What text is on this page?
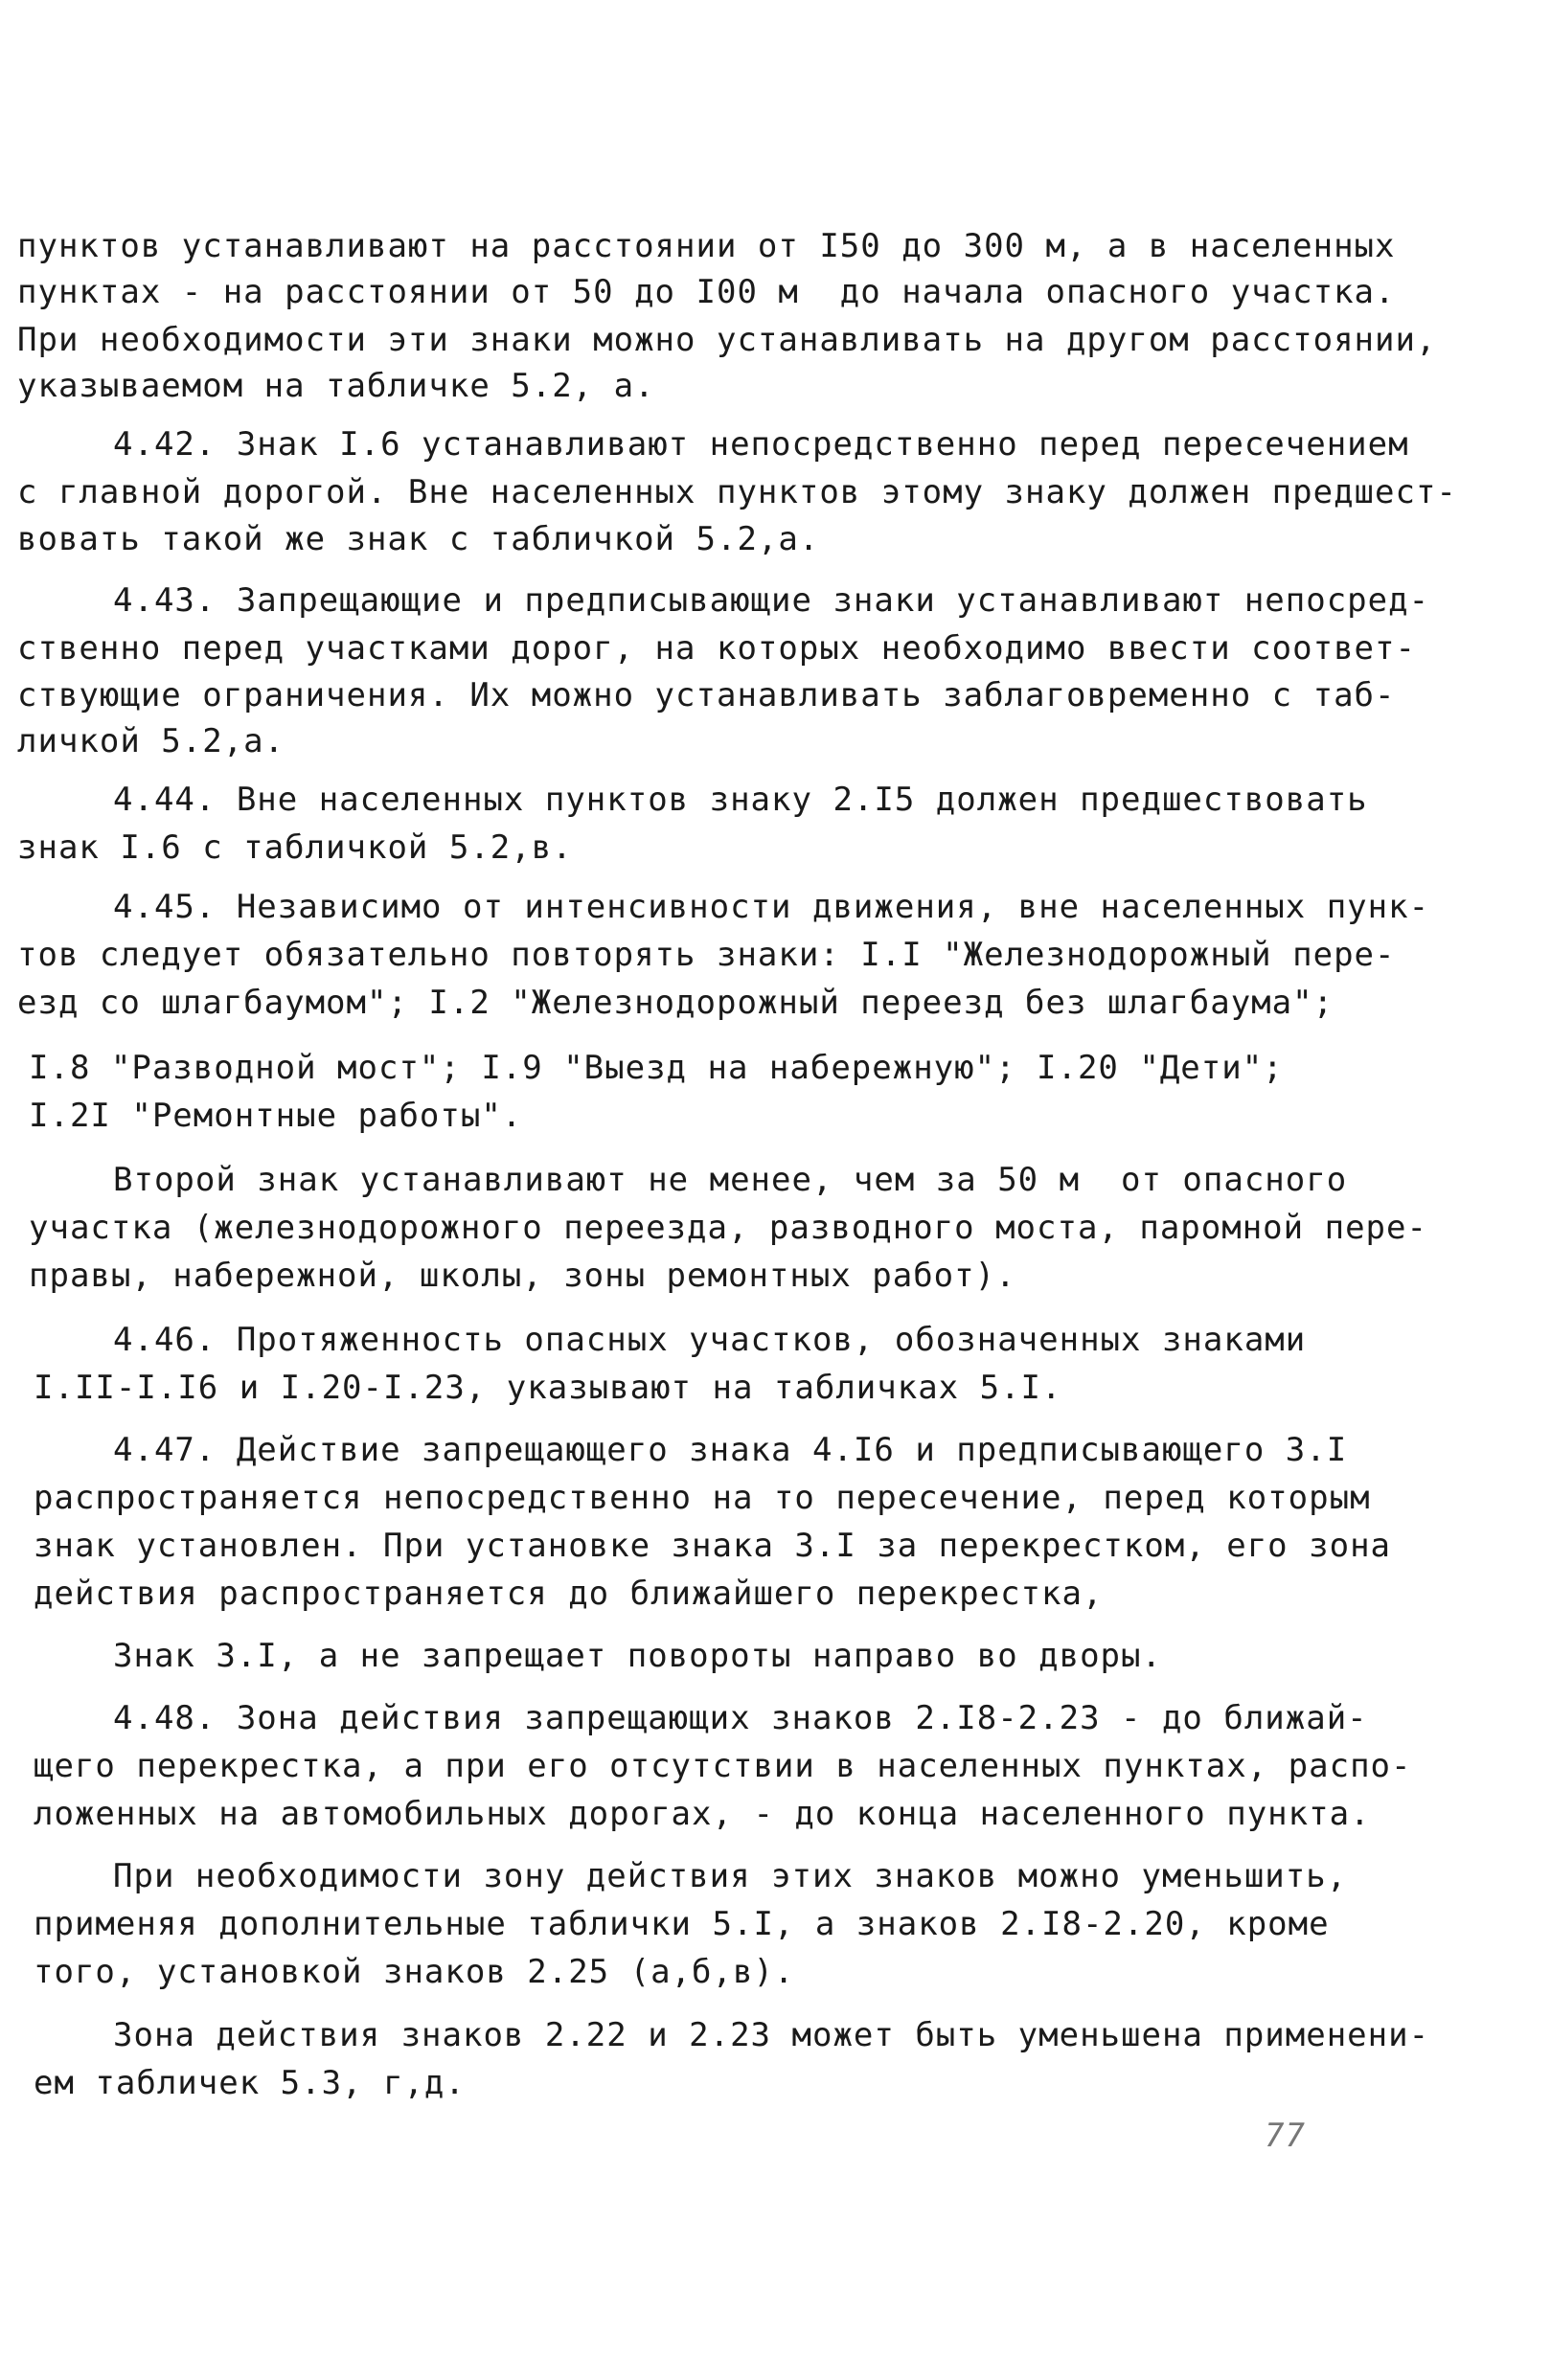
пунктов устанавливают на расстоянии от I50 до 300 м, а в населенных
пунктах - на расстоянии от 50 до I00 м  до начала опасного участка.
При необходимости эти знаки можно устанавливать на другом расстоянии,
указываемом на табличке 5.2, а.
4.42. Знак I.6 устанавливают непосредственно перед пересечением
с главной дорогой. Вне населенных пунктов этому знаку должен предшест-
вовать такой же знак с табличкой 5.2,а.
4.43. Запрещающие и предписывающие знаки устанавливают непосред-
ственно перед участками дорог, на которых необходимо ввести соответ-
ствующие ограничения. Их можно устанавливать заблаговременно с таб-
личкой 5.2,а.
4.44. Вне населенных пунктов знаку 2.I5 должен предшествовать
знак I.6 с табличкой 5.2,в.
4.45. Независимо от интенсивности движения, вне населенных пунк-
тов следует обязательно повторять знаки: I.I "Железнодорожный пере-
езд со шлагбаумом"; I.2 "Железнодорожный переезд без шлагбаума";
I.8 "Разводной мост"; I.9 "Выезд на набережную"; I.20 "Дети";
I.2I "Ремонтные работы".
Второй знак устанавливают не менее, чем за 50 м  от опасного
участка (железнодорожного переезда, разводного моста, паромной пере-
правы, набережной, школы, зоны ремонтных работ).
4.46. Протяженность опасных участков, обозначенных знаками
I.II-I.I6 и I.20-I.23, указывают на табличках 5.I.
4.47. Действие запрещающего знака 4.I6 и предписывающего 3.I
распространяется непосредственно на то пересечение, перед которым
знак установлен. При установке знака 3.I за перекрестком, его зона
действия распространяется до ближайшего перекрестка,
Знак 3.I, а не запрещает повороты направо во дворы.
4.48. Зона действия запрещающих знаков 2.I8-2.23 - до ближай-
щего перекрестка, а при его отсутствии в населенных пунктах, распо-
ложенных на автомобильных дорогах, - до конца населенного пункта.
При необходимости зону действия этих знаков можно уменьшить,
применяя дополнительные таблички 5.I, а знаков 2.I8-2.20, кроме
того, установкой знаков 2.25 (а,б,в).
Зона действия знаков 2.22 и 2.23 может быть уменьшена применени-
ем табличек 5.3, г,д.
77
